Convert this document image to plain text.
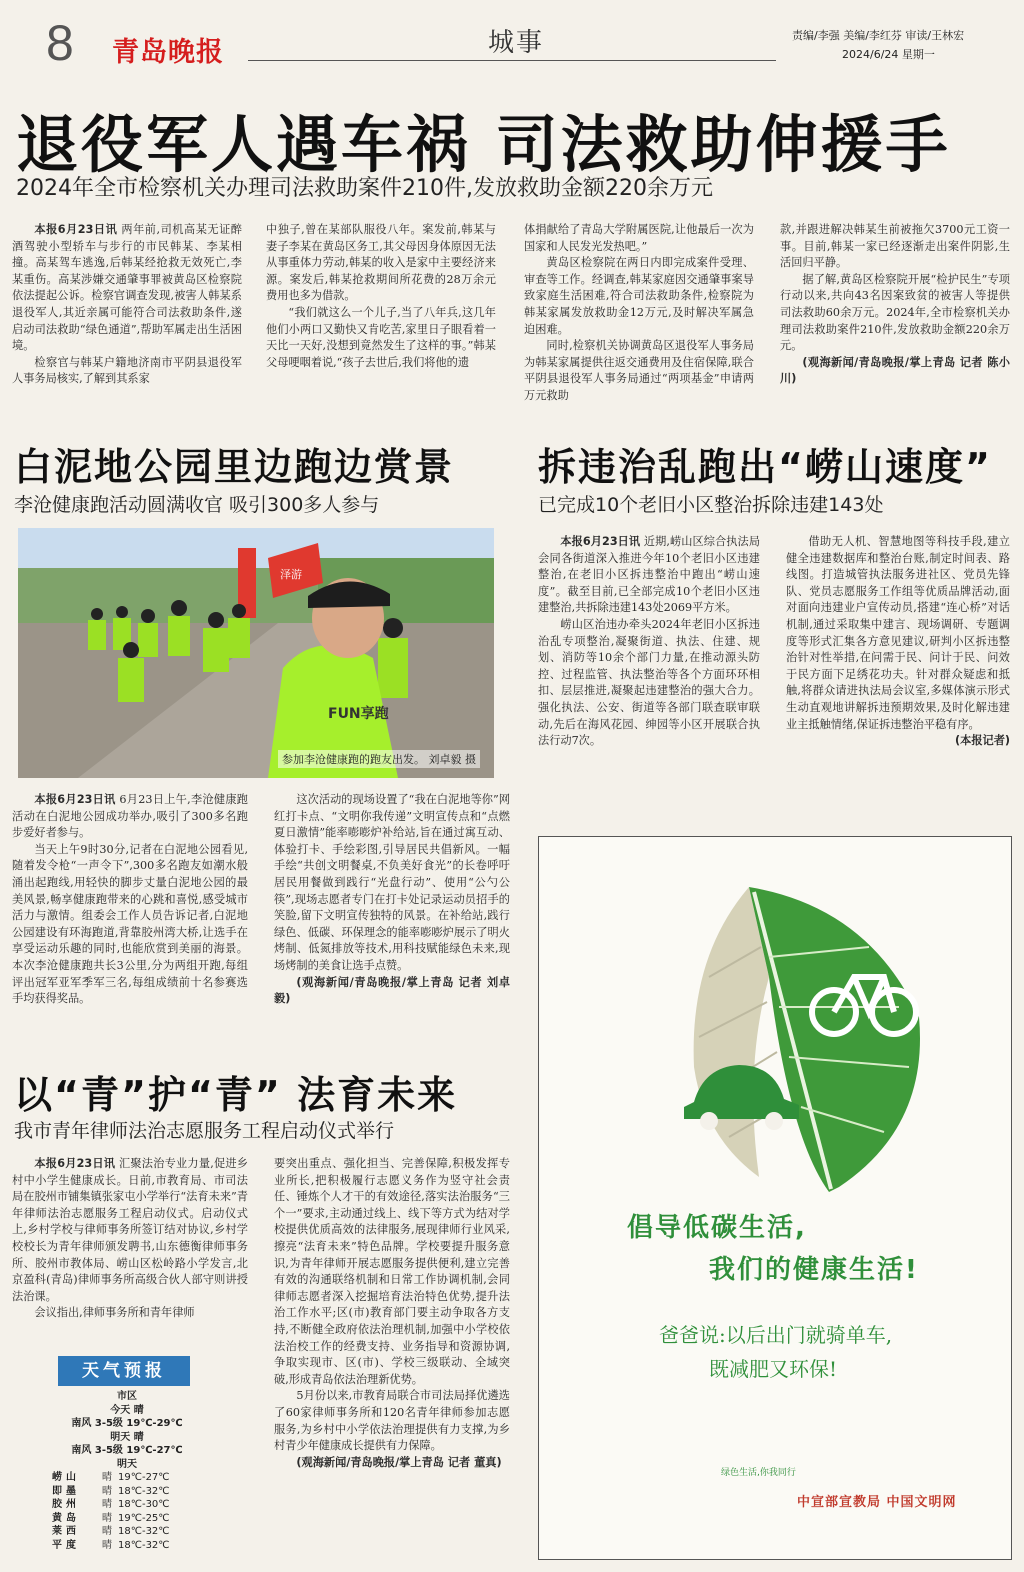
8 青岛晚报	城事	责编/李强 美编/李红芬 审读/王林宏
2024/6/24 星期一
退役军人遇车祸 司法救助伸援手
2024年全市检察机关办理司法救助案件210件,发放救助金额220余万元

本报6月23日讯 两年前,司机高某无证醉酒驾驶小型轿车与步行的市民韩某、李某相撞。高某驾车逃逸,后韩某经抢救无效死亡,李某重伤。高某涉嫌交通肇事罪被黄岛区检察院依法提起公诉。检察官调查发现,被害人韩某系退役军人,其近亲属可能符合司法救助条件,遂启动司法救助“绿色通道”,帮助军属走出生活困境。

检察官与韩某户籍地济南市平阴县退役军人事务局核实,了解到其系家

中独子,曾在某部队服役八年。案发前,韩某与妻子李某在黄岛区务工,其父母因身体原因无法从事重体力劳动,韩某的收入是家中主要经济来源。案发后,韩某抢救期间所花费的28万余元费用也多为借款。

“我们就这么一个儿子,当了八年兵,这几年他们小两口又勤快又肯吃苦,家里日子眼看着一天比一天好,没想到竟然发生了这样的事。”韩某父母哽咽着说,“孩子去世后,我们将他的遗

体捐献给了青岛大学附属医院,让他最后一次为国家和人民发光发热吧。”

黄岛区检察院在两日内即完成案件受理、审查等工作。经调查,韩某家庭因交通肇事案导致家庭生活困难,符合司法救助条件,检察院为韩某家属发放救助金12万元,及时解决军属急迫困难。

同时,检察机关协调黄岛区退役军人事务局为韩某家属提供往返交通费用及住宿保障,联合平阴县退役军人事务局通过“两项基金”申请两万元救助

款,并跟进解决韩某生前被拖欠3700元工资一事。目前,韩某一家已经逐渐走出案件阴影,生活回归平静。

据了解,黄岛区检察院开展“检护民生”专项行动以来,共向43名因案致贫的被害人等提供司法救助60余万元。2024年,全市检察机关办理司法救助案件210件,发放救助金额220余万元。

(观海新闻/青岛晚报/掌上青岛 记者 陈小川)

白泥地公园里边跑边赏景
李沧健康跑活动圆满收官 吸引300多人参与
泽游
FUN享跑
参加李沧健康跑的跑友出发。 刘卓毅 摄

本报6月23日讯 6月23日上午,李沧健康跑活动在白泥地公园成功举办,吸引了300多名跑步爱好者参与。

当天上午9时30分,记者在白泥地公园看见,随着发令枪“一声令下”,300多名跑友如潮水般涌出起跑线,用轻快的脚步丈量白泥地公园的最美风景,畅享健康跑带来的心跳和喜悦,感受城市活力与激情。组委会工作人员告诉记者,白泥地公园建设有环海跑道,背靠胶州湾大桥,让选手在享受运动乐趣的同时,也能欣赏到美丽的海景。本次李沧健康跑共长3公里,分为两组开跑,每组评出冠军亚军季军三名,每组成绩前十名参赛选手均获得奖品。

这次活动的现场设置了“我在白泥地等你”网红打卡点、“文明你我传递”文明宣传点和“点燃夏日激情”能率嘭嘭炉补给站,旨在通过寓互动、体验打卡、手绘彩图,引导居民共倡新风。一幅手绘“共创文明餐桌,不负美好食光”的长卷呼吁居民用餐做到践行“光盘行动”、使用“公勺公筷”,现场志愿者专门在打卡处记录运动员招手的笑脸,留下文明宣传独特的风景。在补给站,践行绿色、低碳、环保理念的能率嘭嘭炉展示了明火烤制、低氮排放等技术,用科技赋能绿色未来,现场烤制的美食让选手点赞。

(观海新闻/青岛晚报/掌上青岛 记者 刘卓毅)

拆违治乱跑出“崂山速度”
已完成10个老旧小区整治拆除违建143处

本报6月23日讯 近期,崂山区综合执法局会同各街道深入推进今年10个老旧小区违建整治,在老旧小区拆违整治中跑出“崂山速度”。截至目前,已全部完成10个老旧小区违建整治,共拆除违建143处2069平方米。

崂山区治违办牵头2024年老旧小区拆违治乱专项整治,凝聚街道、执法、住建、规划、消防等10余个部门力量,在推动源头防控、过程监管、执法整治等各个方面环环相扣、层层推进,凝聚起违建整治的强大合力。强化执法、公安、街道等各部门联查联审联动,先后在海风花园、绅园等小区开展联合执法行动7次。

借助无人机、智慧地图等科技手段,建立健全违建数据库和整治台账,制定时间表、路线图。打造城管执法服务进社区、党员先锋队、党员志愿服务工作组等优质品牌活动,面对面向违建业户宣传动员,搭建“连心桥”对话机制,通过采取集中建言、现场调研、专题调度等形式汇集各方意见建议,研判小区拆违整治针对性举措,在问需于民、问计于民、问效于民方面下足绣花功夫。针对群众疑虑和抵触,将群众请进执法局会议室,多媒体演示形式生动直观地讲解拆违预期效果,及时化解违建业主抵触情绪,保证拆违整治平稳有序。

(本报记者)

以“青”护“青” 法育未来
我市青年律师法治志愿服务工程启动仪式举行

本报6月23日讯 汇聚法治专业力量,促进乡村中小学生健康成长。日前,市教育局、市司法局在胶州市铺集镇张家屯小学举行“法育未来”青年律师法治志愿服务工程启动仪式。启动仪式上,乡村学校与律师事务所签订结对协议,乡村学校校长为青年律师颁发聘书,山东德衡律师事务所、胶州市教体局、崂山区松岭路小学发言,北京盈科(青岛)律师事务所高级合伙人部守则讲授法治课。

会议指出,律师事务所和青年律师

要突出重点、强化担当、完善保障,积极发挥专业所长,把积极履行志愿义务作为竖守社会责任、锤炼个人才干的有效途径,落实法治服务“三个一”要求,主动通过线上、线下等方式为结对学校提供优质高效的法律服务,展现律师行业风采,擦亮“法育未来”特色品牌。学校要提升服务意识,为青年律师开展志愿服务提供便利,建立完善有效的沟通联络机制和日常工作协调机制,会同律师志愿者深入挖掘培育法治特色优势,提升法治工作水平;区(市)教育部门要主动争取各方支持,不断健全政府依法治理机制,加强中小学校依法治校工作的经费支持、业务指导和资源协调,争取实现市、区(市)、学校三级联动、全域突破,形成青岛依法治理新优势。

5月份以来,市教育局联合市司法局择优遴选了60家律师事务所和120名青年律师参加志愿服务,为乡村中小学依法治理提供有力支撑,为乡村青少年健康成长提供有力保障。

(观海新闻/青岛晚报/掌上青岛 记者 董真)

天气预报
市区
今天 晴
南风 3-5级 19℃-29℃
明天 晴
南风 3-5级 19℃-27℃
明天
崂山	晴 19℃-27℃
即墨	晴 18℃-32℃
胶州	晴 18℃-30℃
黄岛	晴 19℃-25℃
莱西	晴 18℃-32℃
平度	晴 18℃-32℃
倡导低碳生活,
我们的健康生活!
爸爸说:以后出门就骑单车,
既减肥又环保!
绿色生活,你我同行
中宣部宣教局 中国文明网
